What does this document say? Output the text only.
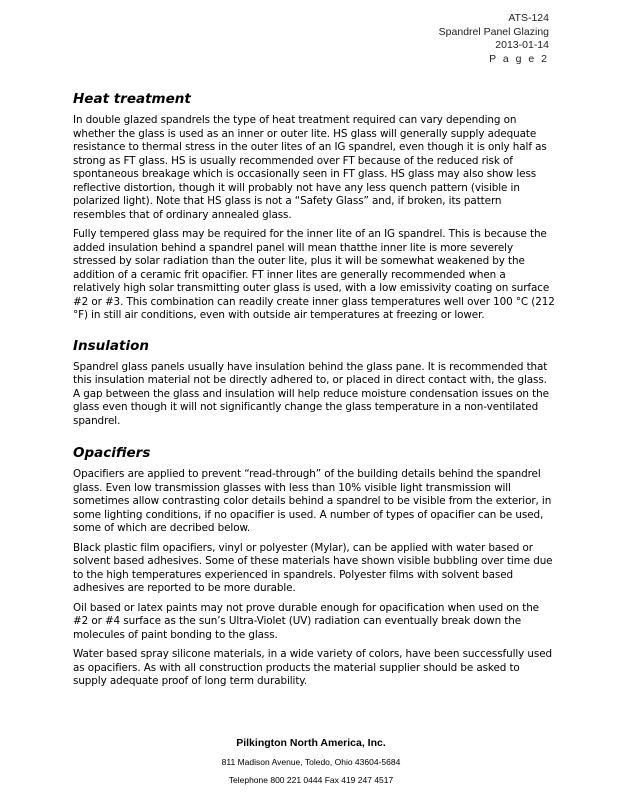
ATS-124
Spandrel Panel Glazing
2013-01-14
P a g e 2
Heat treatment

In double glazed spandrels the type of heat treatment required can vary depending on whether the glass is used as an inner or outer lite. HS glass will generally supply adequate resistance to thermal stress in the outer lites of an IG spandrel, even though it is only half as strong as FT glass. HS is usually recommended over FT because of the reduced risk of spontaneous breakage which is occasionally seen in FT glass. HS glass may also show less reflective distortion, though it will probably not have any less quench pattern (visible in polarized light). Note that HS glass is not a “Safety Glass” and, if broken, its pattern resembles that of ordinary annealed glass.

Fully tempered glass may be required for the inner lite of an IG spandrel. This is because the added insulation behind a spandrel panel will mean thatthe inner lite is more severely stressed by solar radiation than the outer lite, plus it will be somewhat weakened by the addition of a ceramic frit opacifier. FT inner lites are generally recommended when a relatively high solar transmitting outer glass is used, with a low emissivity coating on surface #2 or #3. This combination can readily create inner glass temperatures well over 100 °C (212 °F) in still air conditions, even with outside air temperatures at freezing or lower.

Insulation

Spandrel glass panels usually have insulation behind the glass pane. It is recommended that this insulation material not be directly adhered to, or placed in direct contact with, the glass. A gap between the glass and insulation will help reduce moisture condensation issues on the glass even though it will not significantly change the glass temperature in a non-ventilated spandrel.

Opacifiers

Opacifiers are applied to prevent “read-through” of the building details behind the spandrel glass. Even low transmission glasses with less than 10% visible light transmission will sometimes allow contrasting color details behind a spandrel to be visible from the exterior, in some lighting conditions, if no opacifier is used. A number of types of opacifier can be used, some of which are decribed below.

Black plastic film opacifiers, vinyl or polyester (Mylar), can be applied with water based or solvent based adhesives. Some of these materials have shown visible bubbling over time due to the high temperatures experienced in spandrels. Polyester films with solvent based adhesives are reported to be more durable.

Oil based or latex paints may not prove durable enough for opacification when used on the #2 or #4 surface as the sun’s Ultra-Violet (UV) radiation can eventually break down the molecules of paint bonding to the glass.

Water based spray silicone materials, in a wide variety of colors, have been successfully used as opacifiers. As with all construction products the material supplier should be asked to supply adequate proof of long term durability.

Pilkington North America, Inc.
811 Madison Avenue, Toledo, Ohio 43604-5684
Telephone 800 221 0444 Fax 419 247 4517
